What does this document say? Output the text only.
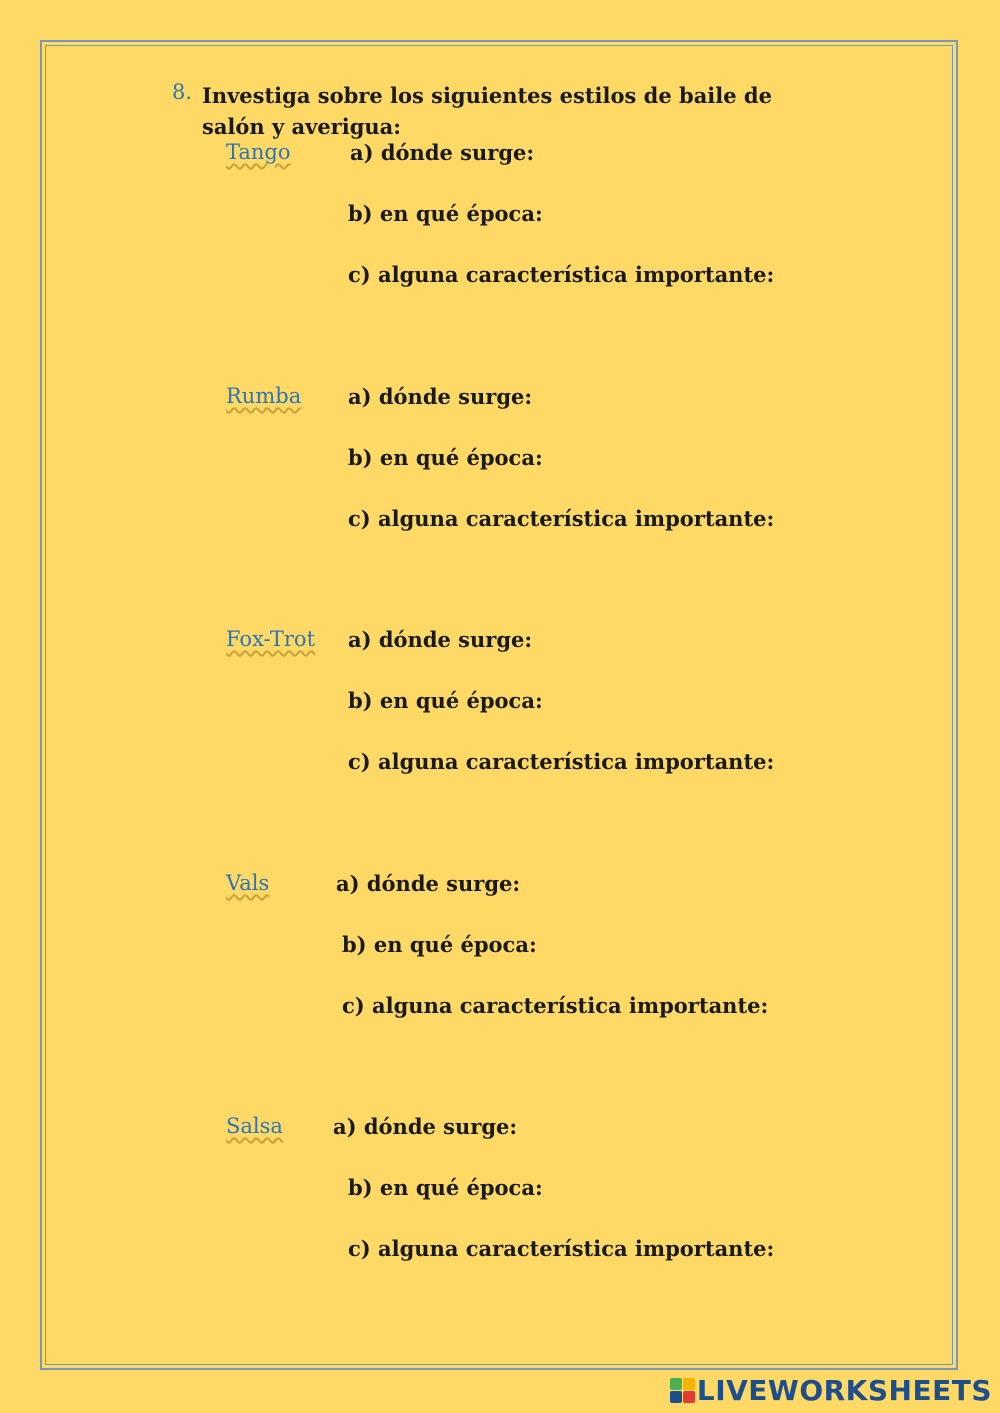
8. Investiga sobre los siguientes estilos de baile de salón y averigua:
Tango	a) dónde surge:
b) en qué época:
c) alguna característica importante:
Rumba a) dónde surge:
b) en qué época:
c) alguna característica importante:
Fox-Trot a) dónde surge:
b) en qué época:
c) alguna característica importante:
Vals	a) dónde surge:
b) en qué época:
c) alguna característica importante:
Salsa a) dónde surge:
b) en qué época:
c) alguna característica importante:
LIVEWORKSHEETS
